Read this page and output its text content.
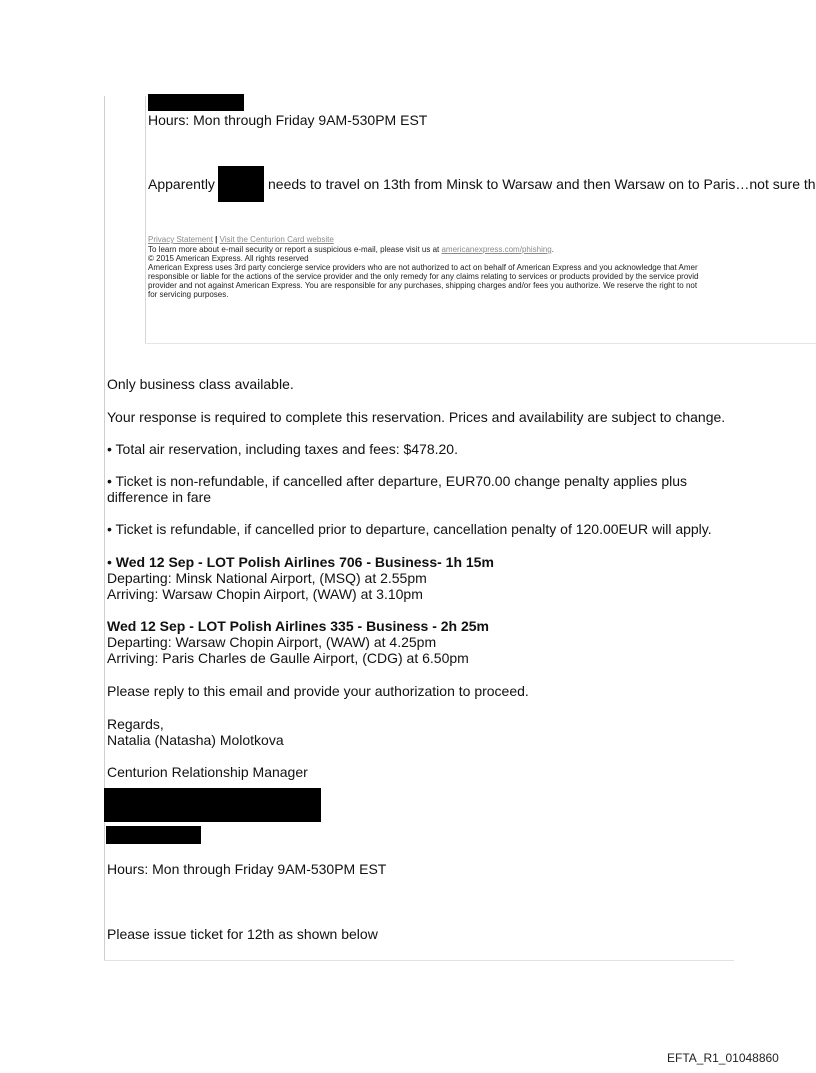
Hours: Mon through Friday 9AM-530PM EST
Apparently	needs to travel on 13th from Minsk to Warsaw and then Warsaw on to Paris…not sure th
Privacy Statement | Visit the Centurion Card website
To learn more about e-mail security or report a suspicious e-mail, please visit us at americanexpress.com/phishing.
© 2015 American Express. All rights reserved
American Express uses 3rd party concierge service providers who are not authorized to act on behalf of American Express and you acknowledge that Amer
responsible or liable for the actions of the service provider and the only remedy for any claims relating to services or products provided by the service provid
provider and not against American Express. You are responsible for any purchases, shipping charges and/or fees you authorize. We reserve the right to not
for servicing purposes.
Only business class available.
Your response is required to complete this reservation. Prices and availability are subject to change.
• Total air reservation, including taxes and fees: $478.20.
• Ticket is non-refundable, if cancelled after departure, EUR70.00 change penalty applies plus
difference in fare
• Ticket is refundable, if cancelled prior to departure, cancellation penalty of 120.00EUR will apply.
• Wed 12 Sep - LOT Polish Airlines 706 - Business- 1h 15m
Departing: Minsk National Airport, (MSQ) at 2.55pm
Arriving: Warsaw Chopin Airport, (WAW) at 3.10pm
Wed 12 Sep - LOT Polish Airlines 335 - Business - 2h 25m
Departing: Warsaw Chopin Airport, (WAW) at 4.25pm
Arriving: Paris Charles de Gaulle Airport, (CDG) at 6.50pm
Please reply to this email and provide your authorization to proceed.
Regards,
Natalia (Natasha) Molotkova
Centurion Relationship Manager
Hours: Mon through Friday 9AM-530PM EST
Please issue ticket for 12th as shown below
EFTA_R1_01048860
